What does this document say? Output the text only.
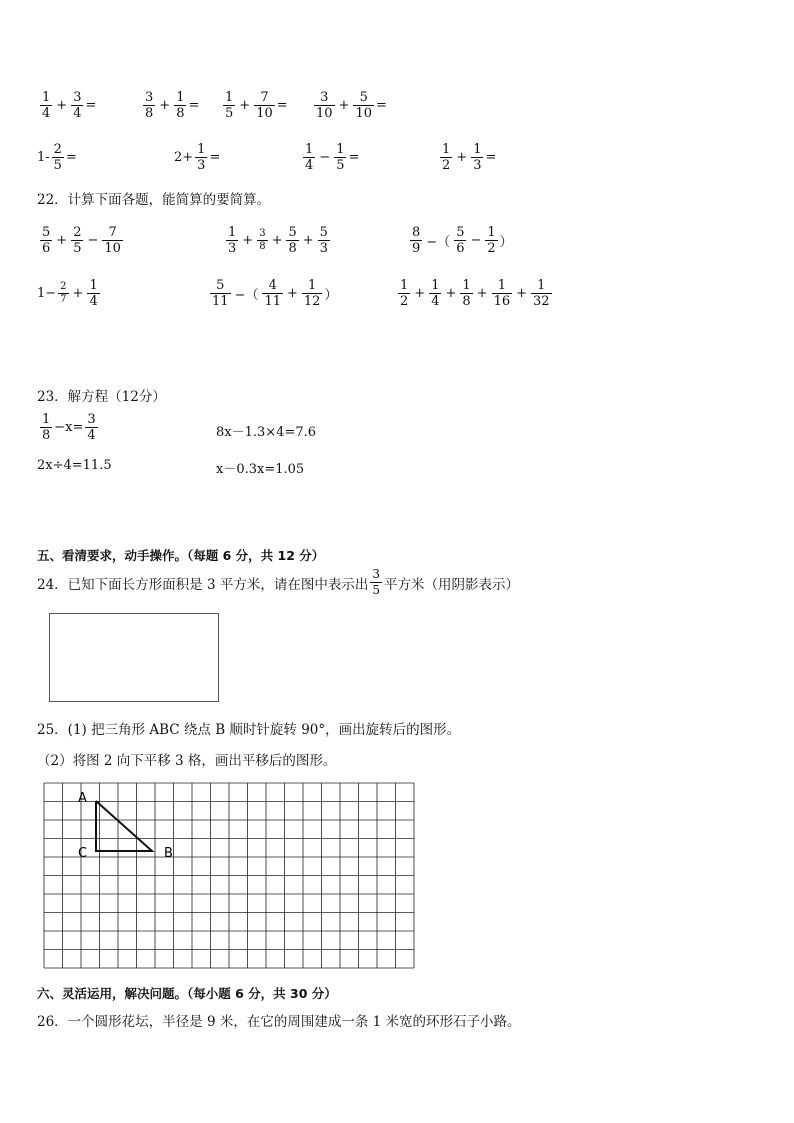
$\frac{1}{4} + \frac{3}{4}$ =	$\frac{3}{8} + \frac{1}{8} = \frac{1}{5} + \frac{7}{10} = \frac{3}{10} + \frac{5}{10}$ =
$1- \frac{2}{5}$ =	$2+ \frac{1}{3}$ =	$\frac{1}{4} - \frac{1}{5}$ =	$\frac{1}{2} + \frac{1}{3}$ =
22．计算下面各题，能简算的要简算。
$\frac{5}{6} + \frac{2}{5} - \frac{7}{10}$	$\frac{1}{3} + \frac{3}{8} + \frac{5}{8} + \frac{5}{3}$	$\frac{8}{9}$ −（ $\frac{5}{6} - \frac{1}{2}$ ）
$1- \frac{2}{7} + \frac{1}{4}$	$\frac{5}{11}$ −（ $\frac{4}{11} + \frac{1}{12}$ ）	$\frac{1}{2} + \frac{1}{4} + \frac{1}{8} + \frac{1}{16} + \frac{1}{32}$
23．解方程（12分）
$\frac{1}{8} -x= \frac{3}{4}$	8x－1.3×4=7.6
2x÷4=11.5	x－0.3x=1.05
五、看清要求，动手操作。（每题 6 分，共 12 分）
24．已知下面长方形面积是 3 平方米，请在图中表示出 $\frac{3}{5}$ 平方米（用阴影表示）
25．(1) 把三角形 ABC 绕点 B 顺时针旋转 90°，画出旋转后的图形。
（2）将图 2 向下平移 3 格，画出平移后的图形。
A
C	B
六、灵活运用，解决问题。（每小题 6 分，共 30 分）
26．一个圆形花坛，半径是 9 米，在它的周围建成一条 1 米宽的环形石子小路。
